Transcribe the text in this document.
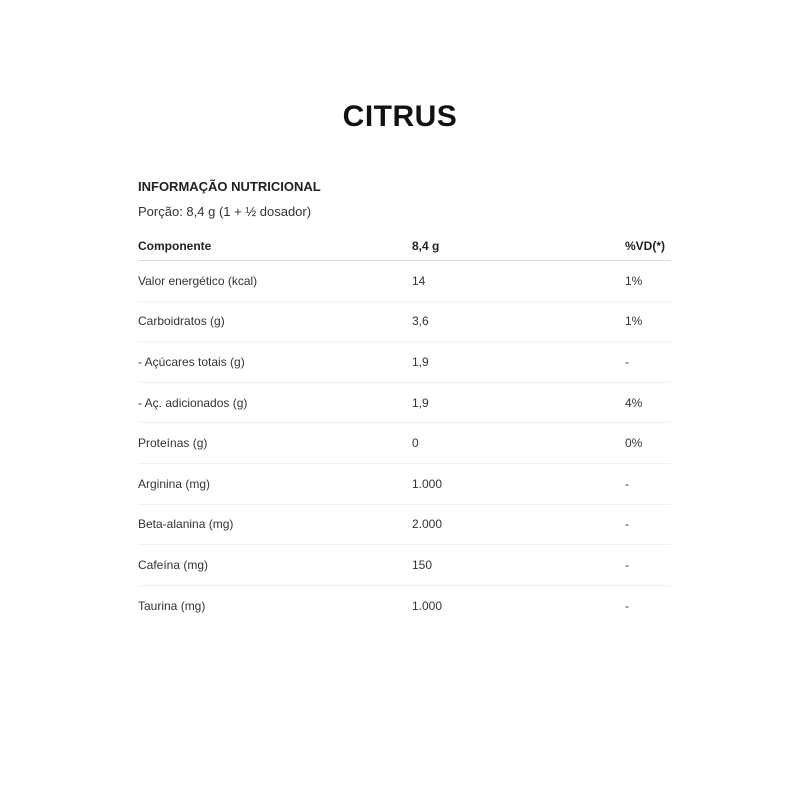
CITRUS
INFORMAÇÃO NUTRICIONAL
Porção: 8,4 g (1 + ½ dosador)
Componente	8,4 g	%VD(*)
Valor energético (kcal)	14	1%
Carboidratos (g)	3,6	1%
- Açúcares totais (g)	1,9	-
- Aç. adicionados (g)	1,9	4%
Proteínas (g)	0	0%
Arginina (mg)	1.000	-
Beta-alanina (mg)	2.000	-
Cafeína (mg)	150	-
Taurina (mg)	1.000	-
